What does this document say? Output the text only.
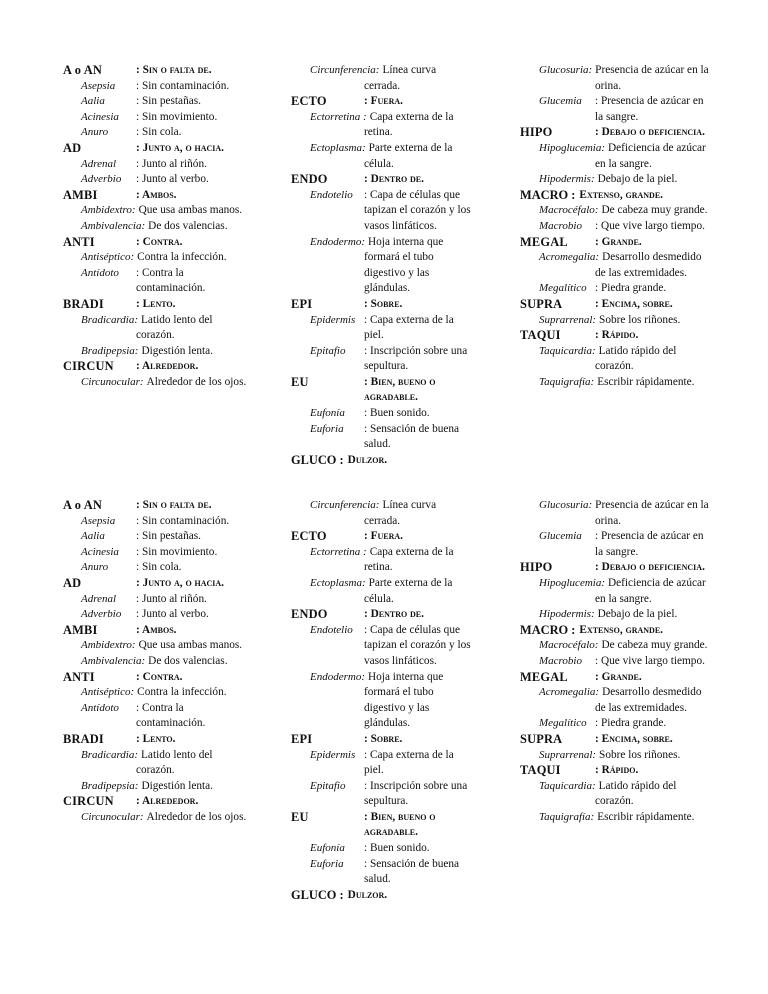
A o AN	: Sin o falta de.
Asepsia	: Sin contaminación.
Aalia	: Sin pestañas.
Acinesia	: Sin movimiento.
Anuro	: Sin cola.
AD	: Junto a, o hacia.
Adrenal	: Junto al riñón.
Adverbio	: Junto al verbo.
AMBI	: Ambos.
Ambidextro: Que usa ambas manos.
Ambivalencia: De dos valencias.
ANTI	: Contra.
Antiséptico: Contra la infección.
Antídoto	: Contra la contaminación.
BRADI	: Lento.
Bradicardia: Latido lento del corazón.
Bradipepsia: Digestión lenta.
CIRCUN	: Alrededor.
Circunocular: Alrededor de los ojos.
Circunferencia: Línea curva cerrada.
ECTO	: Fuera.
Ectorretina : Capa externa de la retina.
Ectoplasma: Parte externa de la célula.
ENDO	: Dentro de.
Endotelio : Capa de células que tapizan el corazón y los vasos linfáticos.
Endodermo: Hoja interna que formará el tubo digestivo y las glándulas.
EPI	: Sobre.
Epidermis : Capa externa de la piel.
Epitafio	: Inscripción sobre una sepultura.
EU	: Bien, bueno o agradable.
Eufonía	: Buen sonido.
Euforia	: Sensación de buena salud.
GLUCO : Dulzor.
Glucosuria: Presencia de azúcar en la orina.
Glucemia	: Presencia de azúcar en la sangre.
HIPO	: Debajo o deficiencia.
Hipoglucemia: Deficiencia de azúcar en la sangre.
Hipodermis: Debajo de la piel.
MACRO : Extenso, grande.
Macrocéfalo: De cabeza muy grande.
Macrobio	: Que vive largo tiempo.
MEGAL	: Grande.
Acromegalia: Desarrollo desmedido de las extremidades.
Megalítico : Piedra grande.
SUPRA	: Encima, sobre.
Suprarrenal: Sobre los riñones.
TAQUI	: Rápido.
Taquicardia: Latido rápido del corazón.
Taquigrafía: Escribir rápidamente.
A o AN	: Sin o falta de.
Asepsia	: Sin contaminación.
Aalia	: Sin pestañas.
Acinesia	: Sin movimiento.
Anuro	: Sin cola.
AD	: Junto a, o hacia.
Adrenal	: Junto al riñón.
Adverbio	: Junto al verbo.
AMBI	: Ambos.
Ambidextro: Que usa ambas manos.
Ambivalencia: De dos valencias.
ANTI	: Contra.
Antiséptico: Contra la infección.
Antídoto	: Contra la contaminación.
BRADI	: Lento.
Bradicardia: Latido lento del corazón.
Bradipepsia: Digestión lenta.
CIRCUN	: Alrededor.
Circunocular: Alrededor de los ojos.
Circunferencia: Línea curva cerrada.
ECTO	: Fuera.
Ectorretina : Capa externa de la retina.
Ectoplasma: Parte externa de la célula.
ENDO	: Dentro de.
Endotelio : Capa de células que tapizan el corazón y los vasos linfáticos.
Endodermo: Hoja interna que formará el tubo digestivo y las glándulas.
EPI	: Sobre.
Epidermis : Capa externa de la piel.
Epitafio	: Inscripción sobre una sepultura.
EU	: Bien, bueno o agradable.
Eufonía	: Buen sonido.
Euforia	: Sensación de buena salud.
GLUCO : Dulzor.
Glucosuria: Presencia de azúcar en la orina.
Glucemia	: Presencia de azúcar en la sangre.
HIPO	: Debajo o deficiencia.
Hipoglucemia: Deficiencia de azúcar en la sangre.
Hipodermis: Debajo de la piel.
MACRO : Extenso, grande.
Macrocéfalo: De cabeza muy grande.
Macrobio	: Que vive largo tiempo.
MEGAL	: Grande.
Acromegalia: Desarrollo desmedido de las extremidades.
Megalítico : Piedra grande.
SUPRA	: Encima, sobre.
Suprarrenal: Sobre los riñones.
TAQUI	: Rápido.
Taquicardia: Latido rápido del corazón.
Taquigrafía: Escribir rápidamente.
